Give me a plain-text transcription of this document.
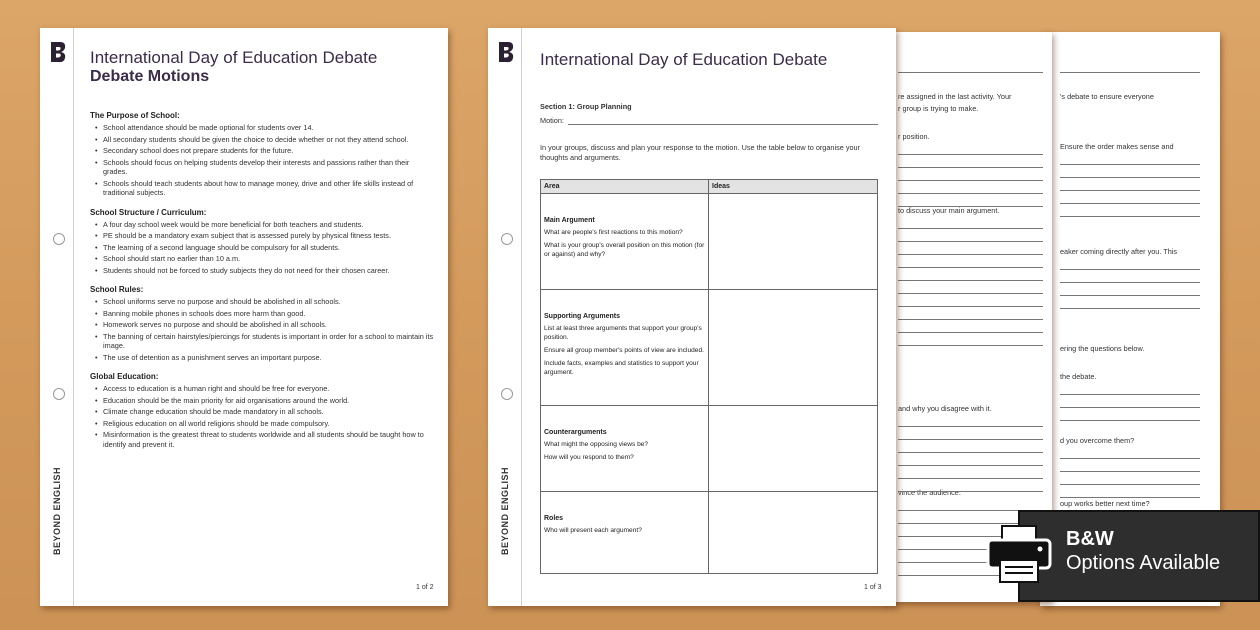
's debate to ensure everyone
Ensure the order makes sense and
eaker coming directly after you. This
ering the questions below.
the debate.
d you overcome them?
oup works better next time?
re assigned in the last activity. Your
r group is trying to make.
r position.
to discuss your main argument.
and why you disagree with it.
vince the audience.
BEYOND ENGLISH
International Day of Education Debate
Section 1: Group Planning
Motion:
In your groups, discuss and plan your response to the motion. Use the table below to organise your thoughts and arguments.
Area	Ideas

Main Argument
What are people's first reactions to this motion?
What is your group's overall position on this motion (for or against) and why?	

Supporting Arguments
List at least three arguments that support your group's position.
Ensure all group member's points of view are included.
Include facts, examples and statistics to support your argument.	

Counterarguments
What might the opposing views be?
How will you respond to them?	

Roles
Who will present each argument?	

1 of 3
BEYOND ENGLISH
International Day of Education Debate
Debate Motions
The Purpose of School:
• School attendance should be made optional for students over 14.
• All secondary students should be given the choice to decide whether or not they attend school.
• Secondary school does not prepare students for the future.
• Schools should focus on helping students develop their interests and passions rather than their grades.
• Schools should teach students about how to manage money, drive and other life skills instead of traditional subjects.
School Structure / Curriculum:
• A four day school week would be more beneficial for both teachers and students.
• PE should be a mandatory exam subject that is assessed purely by physical fitness tests.
• The learning of a second language should be compulsory for all students.
• School should start no earlier than 10 a.m.
• Students should not be forced to study subjects they do not need for their chosen career.
School Rules:
• School uniforms serve no purpose and should be abolished in all schools.
• Banning mobile phones in schools does more harm than good.
• Homework serves no purpose and should be abolished in all schools.
• The banning of certain hairstyles/piercings for students is important in order for a school to maintain its image.
• The use of detention as a punishment serves an important purpose.
Global Education:
• Access to education is a human right and should be free for everyone.
• Education should be the main priority for aid organisations around the world.
• Climate change education should be made mandatory in all schools.
• Religious education on all world religions should be made compulsory.
• Misinformation is the greatest threat to students worldwide and all students should be taught how to identify and prevent it.
1 of 2
B&W
Options Available
